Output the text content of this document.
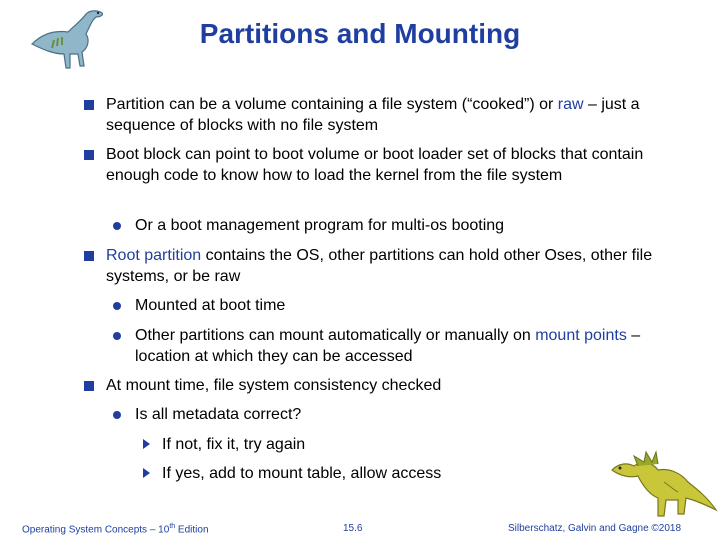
Partitions and Mounting
Partition can be a volume containing a file system (“cooked”) or raw – just a sequence of blocks with no file system
Boot block can point to boot volume or boot loader set of blocks that contain enough code to know how to load the kernel from the file system
Or a boot management program for multi-os booting
Root partition contains the OS, other partitions can hold other Oses, other file systems, or be raw
Mounted at boot time
Other partitions can mount automatically or manually on mount points – location at which they can be accessed
At mount time, file system consistency checked
Is all metadata correct?
If not, fix it, try again
If yes, add to mount table, allow access
Operating System Concepts – 10th Edition	15.6	Silberschatz, Galvin and Gagne ©2018
